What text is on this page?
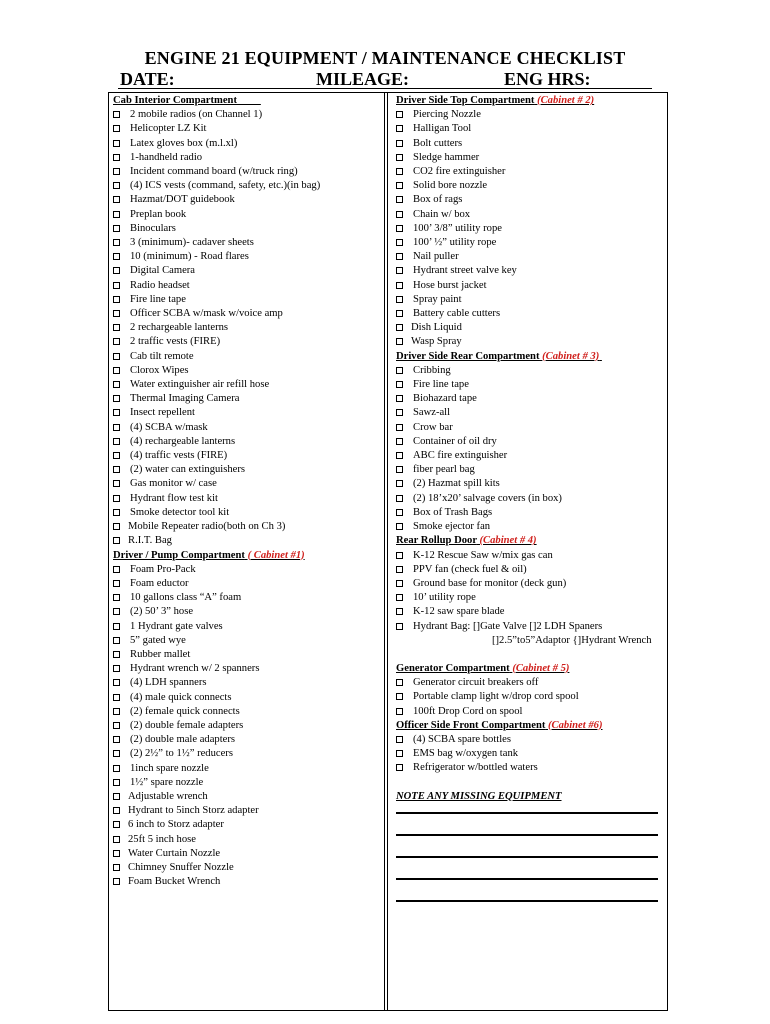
ENGINE 21 EQUIPMENT / MAINTENANCE CHECKLIST
DATE:	MILEAGE:	ENG HRS:
Cab Interior Compartment
2 mobile radios (on Channel 1)
Helicopter LZ Kit
Latex gloves box (m.l.xl)
1-handheld radio
Incident command board (w/truck ring)
(4) ICS vests (command, safety, etc.)(in bag)
Hazmat/DOT guidebook
Preplan book
Binoculars
3 (minimum)- cadaver sheets
10 (minimum) - Road flares
Digital Camera
Radio headset
Fire line tape
Officer SCBA w/mask w/voice amp
2 rechargeable lanterns
2 traffic vests (FIRE)
Cab tilt remote
Clorox Wipes
Water extinguisher air refill hose
Thermal Imaging Camera
Insect repellent
(4) SCBA w/mask
(4) rechargeable lanterns
(4) traffic vests (FIRE)
(2) water can extinguishers
Gas monitor w/ case
Hydrant flow test kit
Smoke detector tool kit
Mobile Repeater radio(both on Ch 3)
R.I.T. Bag
Driver / Pump Compartment ( Cabinet #1)
Foam Pro-Pack
Foam eductor
10 gallons class “A” foam
(2) 50’ 3” hose
1 Hydrant gate valves
5” gated wye
Rubber mallet
Hydrant wrench w/ 2 spanners
(4) LDH spanners
(4) male quick connects
(2) female quick connects
(2) double female adapters
(2) double male adapters
(2) 2½” to 1½” reducers
1inch spare nozzle
1½” spare nozzle
Adjustable wrench
Hydrant to 5inch Storz adapter
6 inch to Storz adapter
25ft 5 inch hose
Water Curtain Nozzle
Chimney Snuffer Nozzle
Foam Bucket Wrench
Driver Side Top Compartment (Cabinet # 2)
Piercing Nozzle
Halligan Tool
Bolt cutters
Sledge hammer
CO2 fire extinguisher
Solid bore nozzle
Box of rags
Chain w/ box
100’ 3/8” utility rope
100’ ½” utility rope
Nail puller
Hydrant street valve key
Hose burst jacket
Spray paint
Battery cable cutters
Dish Liquid
Wasp Spray
Driver Side Rear Compartment (Cabinet # 3)
Cribbing
Fire line tape
Biohazard tape
Sawz-all
Crow bar
Container of oil dry
ABC fire extinguisher
fiber pearl bag
(2) Hazmat spill kits
(2) 18’x20’ salvage covers (in box)
Box of Trash Bags
Smoke ejector fan
Rear Rollup Door (Cabinet # 4)
K-12 Rescue Saw w/mix gas can
PPV fan (check fuel & oil)
Ground base for monitor (deck gun)
10’ utility rope
K-12 saw spare blade
Hydrant Bag: []Gate Valve []2 LDH Spaners
[]2.5”to5”Adaptor {]Hydrant Wrench
Generator Compartment (Cabinet # 5)
Generator circuit breakers off
Portable clamp light w/drop cord spool
100ft Drop Cord on spool
Officer Side Front Compartment (Cabinet #6)
(4) SCBA spare bottles
EMS bag w/oxygen tank
Refrigerator w/bottled waters
NOTE ANY MISSING EQUIPMENT
